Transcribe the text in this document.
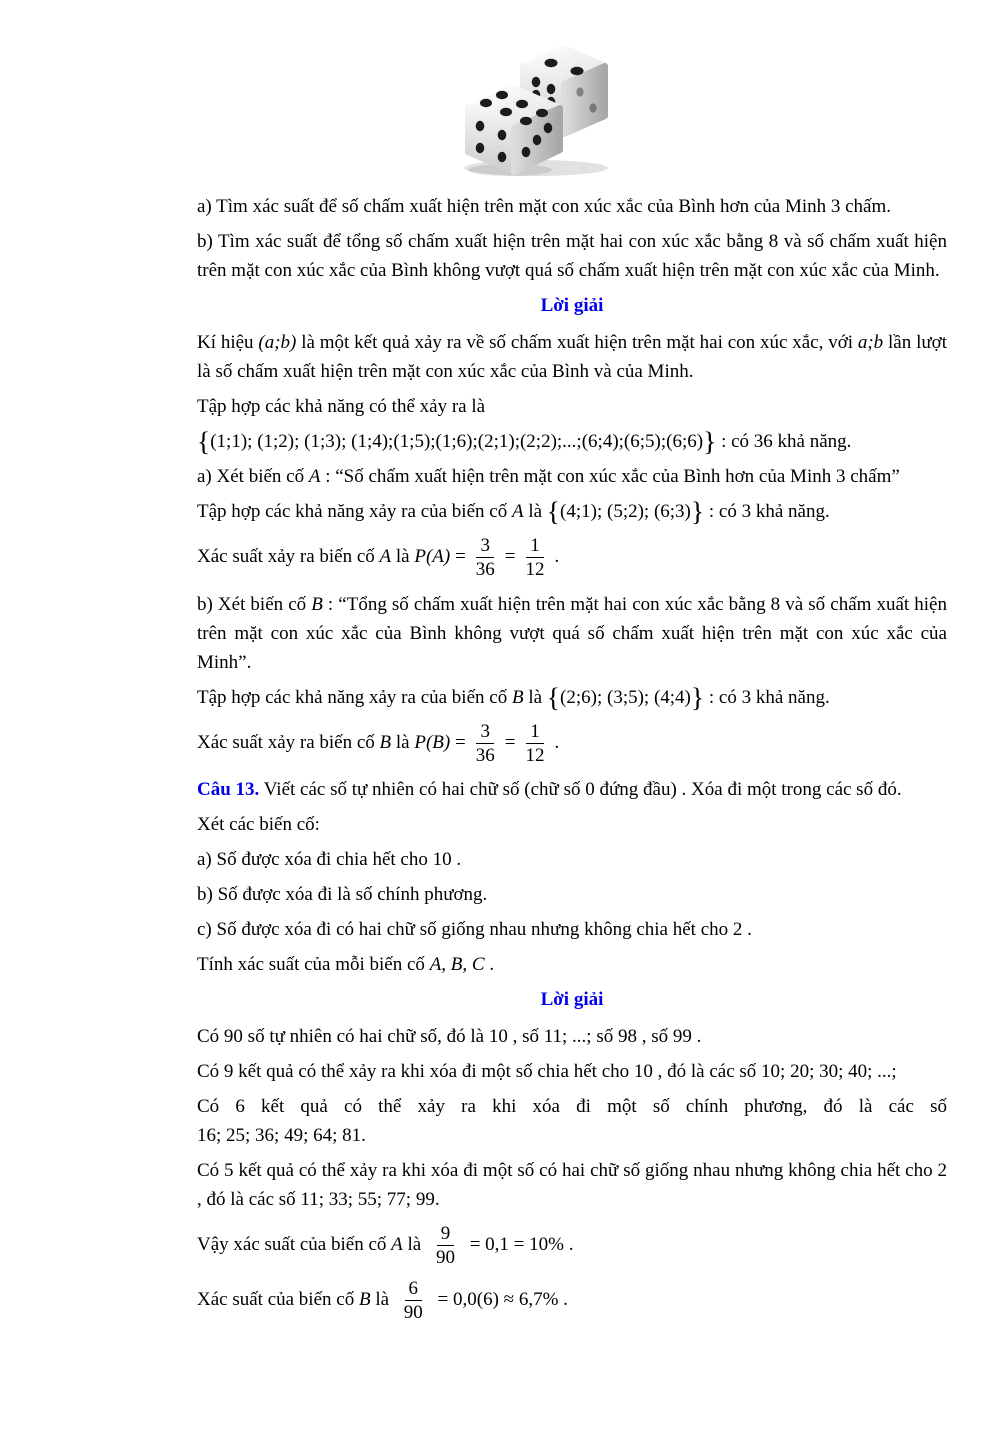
a) Tìm xác suất để số chấm xuất hiện trên mặt con xúc xắc của Bình hơn của Minh 3 chấm.

b) Tìm xác suất để tổng số chấm xuất hiện trên mặt hai con xúc xắc bằng 8 và số chấm xuất hiện trên mặt con xúc xắc của Bình không vượt quá số chấm xuất hiện trên mặt con xúc xắc của Minh.

Lời giải

Kí hiệu (a;b) là một kết quả xảy ra về số chấm xuất hiện trên mặt hai con xúc xắc, với a;b lần lượt là số chấm xuất hiện trên mặt con xúc xắc của Bình và của Minh.

Tập hợp các khả năng có thể xảy ra là

{(1;1); (1;2); (1;3); (1;4);(1;5);(1;6);(2;1);(2;2);...;(6;4);(6;5);(6;6)} : có 36 khả năng.

a) Xét biến cố A : “Số chấm xuất hiện trên mặt con xúc xắc của Bình hơn của Minh 3 chấm”

Tập hợp các khả năng xảy ra của biến cố A là {(4;1); (5;2); (6;3)} : có 3 khả năng.

Xác suất xảy ra biến cố A là $P(A) = \frac{3}{36} = \frac{1}{12}$ .

b) Xét biến cố B : “Tổng số chấm xuất hiện trên mặt hai con xúc xắc bằng 8 và số chấm xuất hiện trên mặt con xúc xắc của Bình không vượt quá số chấm xuất hiện trên mặt con xúc xắc của Minh”.

Tập hợp các khả năng xảy ra của biến cố B là {(2;6); (3;5); (4;4)} : có 3 khả năng.

Xác suất xảy ra biến cố B là $P(B) = \frac{3}{36} = \frac{1}{12}$ .

Câu 13. Viết các số tự nhiên có hai chữ số (chữ số 0 đứng đầu) . Xóa đi một trong các số đó.

Xét các biến cố:

a) Số được xóa đi chia hết cho 10 .

b) Số được xóa đi là số chính phương.

c) Số được xóa đi có hai chữ số giống nhau nhưng không chia hết cho 2 .

Tính xác suất của mỗi biến cố A, B, C .

Lời giải

Có 90 số tự nhiên có hai chữ số, đó là 10 , số 11; ...; số 98 , số 99 .

Có 9 kết quả có thể xảy ra khi xóa đi một số chia hết cho 10 , đó là các số 10; 20; 30; 40; ...;

Có 6 kết quả có thể xảy ra khi xóa đi một số chính phương, đó là các số
16; 25; 36; 49; 64; 81.

Có 5 kết quả có thể xảy ra khi xóa đi một số có hai chữ số giống nhau nhưng không chia hết cho 2 , đó là các số 11; 33; 55; 77; 99.

Vậy xác suất của biến cố A là $\frac{9}{90} = 0,1 = 10\%$ .

Xác suất của biến cố B là $\frac{6}{90} = 0,0(6) \approx 6,7\%$ .
